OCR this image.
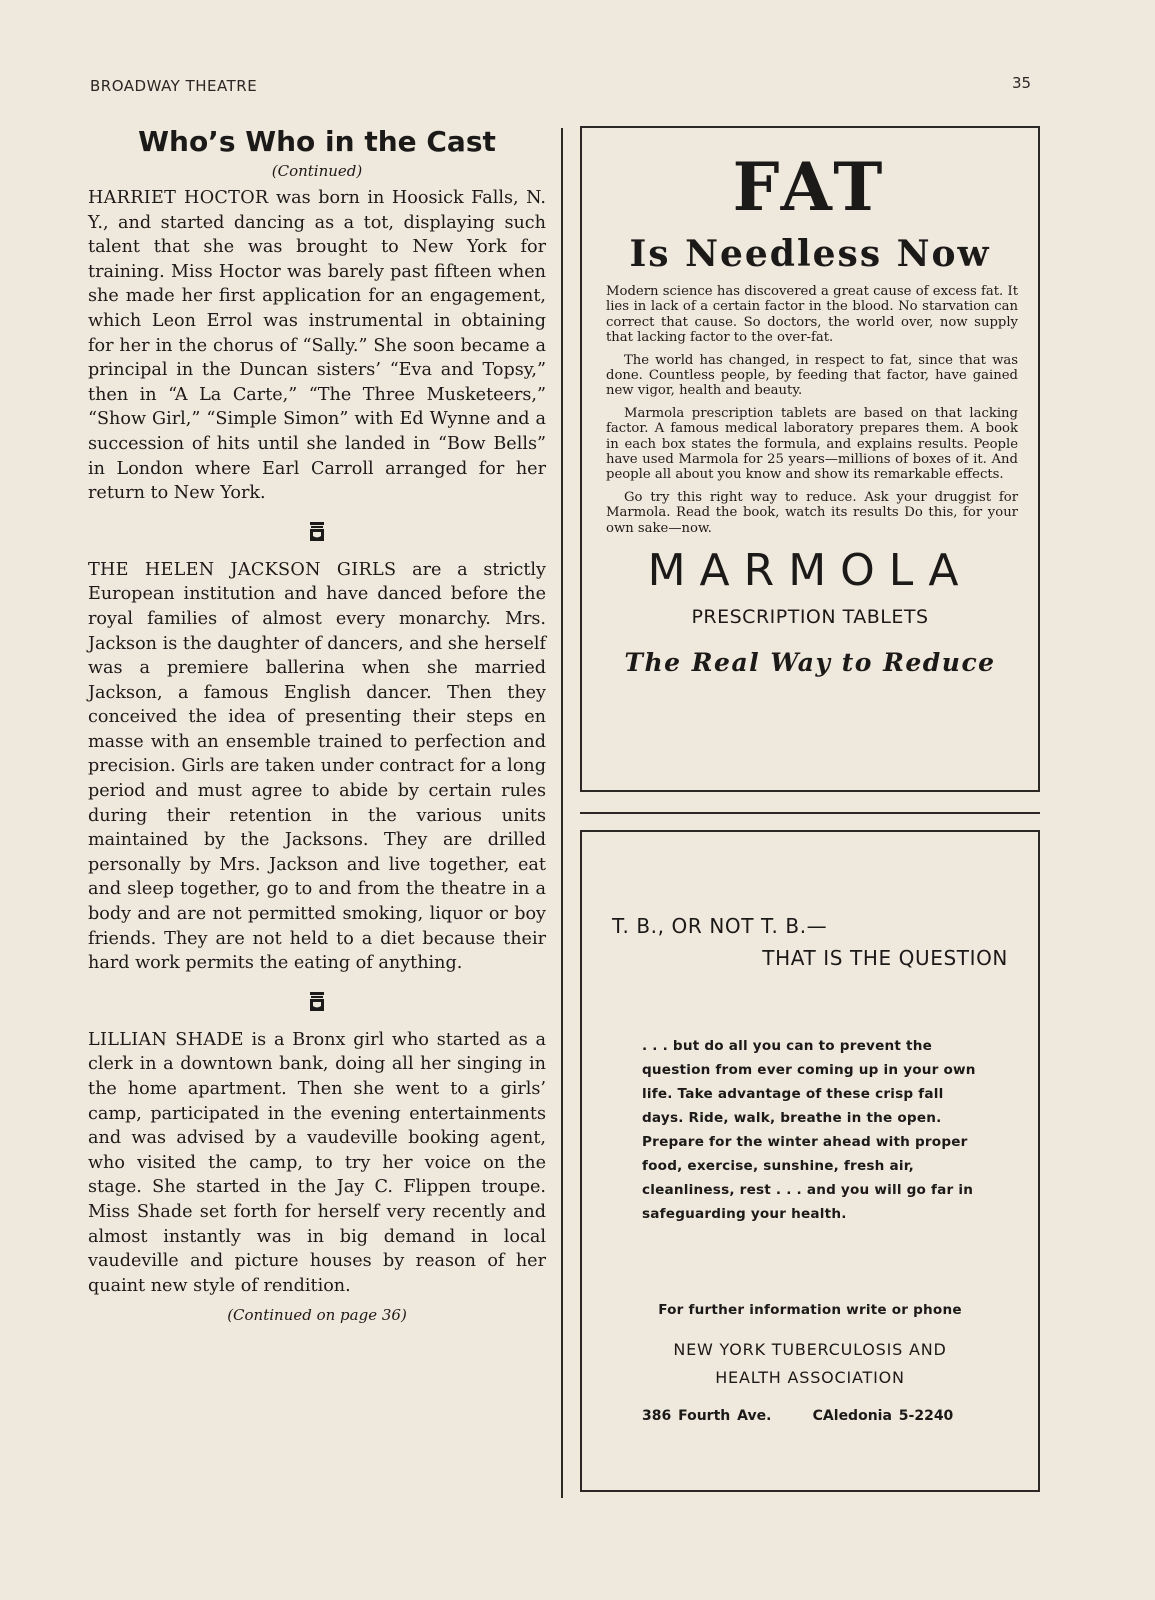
BROADWAY THEATRE	35
Who’s Who in the Cast
(Continued)

HARRIET HOCTOR was born in Hoosick Falls, N. Y., and started dancing as a tot, displaying such talent that she was brought to New York for training. Miss Hoctor was barely past fifteen when she made her first application for an engagement, which Leon Errol was instrumental in obtaining for her in the chorus of “Sally.” She soon became a principal in the Duncan sisters’ “Eva and Topsy,” then in “A La Carte,” “The Three Musketeers,” “Show Girl,” “Simple Simon” with Ed Wynne and a succession of hits until she landed in “Bow Bells” in London where Earl Carroll arranged for her return to New York.

THE HELEN JACKSON GIRLS are a strictly European institution and have danced before the royal families of almost every monarchy. Mrs. Jackson is the daughter of dancers, and she herself was a premiere ballerina when she married Jackson, a famous English dancer. Then they conceived the idea of presenting their steps en masse with an ensemble trained to perfection and precision. Girls are taken under contract for a long period and must agree to abide by certain rules during their retention in the various units maintained by the Jacksons. They are drilled personally by Mrs. Jackson and live together, eat and sleep together, go to and from the theatre in a body and are not permitted smoking, liquor or boy friends. They are not held to a diet because their hard work permits the eating of anything.

LILLIAN SHADE is a Bronx girl who started as a clerk in a downtown bank, doing all her singing in the home apartment. Then she went to a girls’ camp, participated in the evening entertainments and was advised by a vaudeville booking agent, who visited the camp, to try her voice on the stage. She started in the Jay C. Flippen troupe. Miss Shade set forth for herself very recently and almost instantly was in big demand in local vaudeville and picture houses by reason of her quaint new style of rendition.

(Continued on page 36)
FAT
Is Needless Now

Modern science has discovered a great cause of excess fat. It lies in lack of a certain factor in the blood. No starvation can correct that cause. So doctors, the world over, now supply that lacking factor to the over-fat.

The world has changed, in respect to fat, since that was done. Countless people, by feeding that factor, have gained new vigor, health and beauty.

Marmola prescription tablets are based on that lacking factor. A famous medical laboratory prepares them. A book in each box states the formula, and explains results. People have used Marmola for 25 years—millions of boxes of it. And people all about you know and show its remarkable effects.

Go try this right way to reduce. Ask your druggist for Marmola. Read the book, watch its results Do this, for your own sake—now.

MARMOLA
PRESCRIPTION TABLETS
The Real Way to Reduce
T. B., OR NOT T. B.—
THAT IS THE QUESTION
. . . but do all you can to prevent the question from ever coming up in your own life. Take advantage of these crisp fall days. Ride, walk, breathe in the open. Prepare for the winter ahead with proper food, exercise, sunshine, fresh air, cleanliness, rest . . . and you will go far in safeguarding your health.
For further information write or phone
NEW YORK TUBERCULOSIS AND
HEALTH ASSOCIATION
386 Fourth Ave.	CAledonia 5-2240
